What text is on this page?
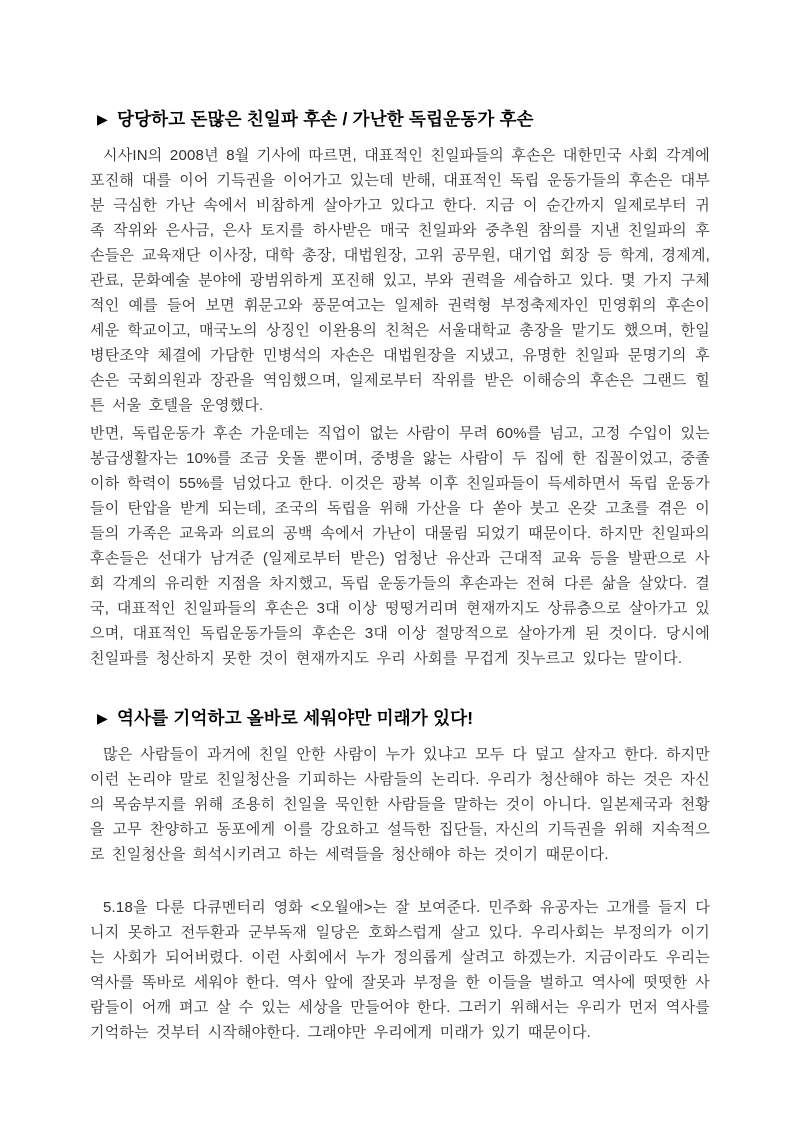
▶ 당당하고 돈많은 친일파 후손 / 가난한 독립운동가 후손

시사IN의 2008년 8월 기사에 따르면, 대표적인 친일파들의 후손은 대한민국 사회 각계에 포진해 대를 이어 기득권을 이어가고 있는데 반해, 대표적인 독립 운동가들의 후손은 대부분 극심한 가난 속에서 비참하게 살아가고 있다고 한다. 지금 이 순간까지 일제로부터 귀족 작위와 은사금, 은사 토지를 하사받은 매국 친일파와 중추원 참의를 지낸 친일파의 후손들은 교육재단 이사장, 대학 총장, 대법원장, 고위 공무원, 대기업 회장 등 학계, 경제계, 관료, 문화예술 분야에 광범위하게 포진해 있고, 부와 권력을 세습하고 있다. 몇 가지 구체적인 예를 들어 보면 휘문고와 풍문여고는 일제하 권력형 부정축제자인 민영휘의 후손이 세운 학교이고, 매국노의 상징인 이완용의 친척은 서울대학교 총장을 맡기도 했으며, 한일 병탄조약 체결에 가담한 민병석의 자손은 대법원장을 지냈고, 유명한 친일파 문명기의 후손은 국회의원과 장관을 역임했으며, 일제로부터 작위를 받은 이해승의 후손은 그랜드 힐튼 서울 호텔을 운영했다.

반면, 독립운동가 후손 가운데는 직업이 없는 사람이 무려 60%를 넘고, 고정 수입이 있는 봉급생활자는 10%를 조금 웃돌 뿐이며, 중병을 앓는 사람이 두 집에 한 집꼴이었고, 중졸 이하 학력이 55%를 넘었다고 한다. 이것은 광복 이후 친일파들이 득세하면서 독립 운동가들이 탄압을 받게 되는데, 조국의 독립을 위해 가산을 다 쏟아 붓고 온갖 고초를 겪은 이들의 가족은 교육과 의료의 공백 속에서 가난이 대물림 되었기 때문이다. 하지만 친일파의 후손들은 선대가 남겨준 (일제로부터 받은) 엄청난 유산과 근대적 교육 등을 발판으로 사회 각계의 유리한 지점을 차지했고, 독립 운동가들의 후손과는 전혀 다른 삶을 살았다. 결국, 대표적인 친일파들의 후손은 3대 이상 떵떵거리며 현재까지도 상류층으로 살아가고 있으며, 대표적인 독립운동가들의 후손은 3대 이상 절망적으로 살아가게 된 것이다. 당시에 친일파를 청산하지 못한 것이 현재까지도 우리 사회를 무겁게 짓누르고 있다는 말이다.

▶ 역사를 기억하고 올바로 세워야만 미래가 있다!

많은 사람들이 과거에 친일 안한 사람이 누가 있냐고 모두 다 덮고 살자고 한다. 하지만 이런 논리야 말로 친일청산을 기피하는 사람들의 논리다. 우리가 청산해야 하는 것은 자신의 목숨부지를 위해 조용히 친일을 묵인한 사람들을 말하는 것이 아니다. 일본제국과 천황을 고무 찬양하고 동포에게 이를 강요하고 설득한 집단들, 자신의 기득권을 위해 지속적으로 친일청산을 희석시키려고 하는 세력들을 청산해야 하는 것이기 때문이다.

5.18을 다룬 다큐멘터리 영화 <오월애>는 잘 보여준다. 민주화 유공자는 고개를 들지 다니지 못하고 전두환과 군부독재 일당은 호화스럽게 살고 있다. 우리사회는 부정의가 이기는 사회가 되어버렸다. 이런 사회에서 누가 정의롭게 살려고 하겠는가. 지금이라도 우리는 역사를 똑바로 세워야 한다. 역사 앞에 잘못과 부정을 한 이들을 벌하고 역사에 떳떳한 사람들이 어깨 펴고 살 수 있는 세상을 만들어야 한다. 그러기 위해서는 우리가 먼저 역사를 기억하는 것부터 시작해야한다. 그래야만 우리에게 미래가 있기 때문이다.
